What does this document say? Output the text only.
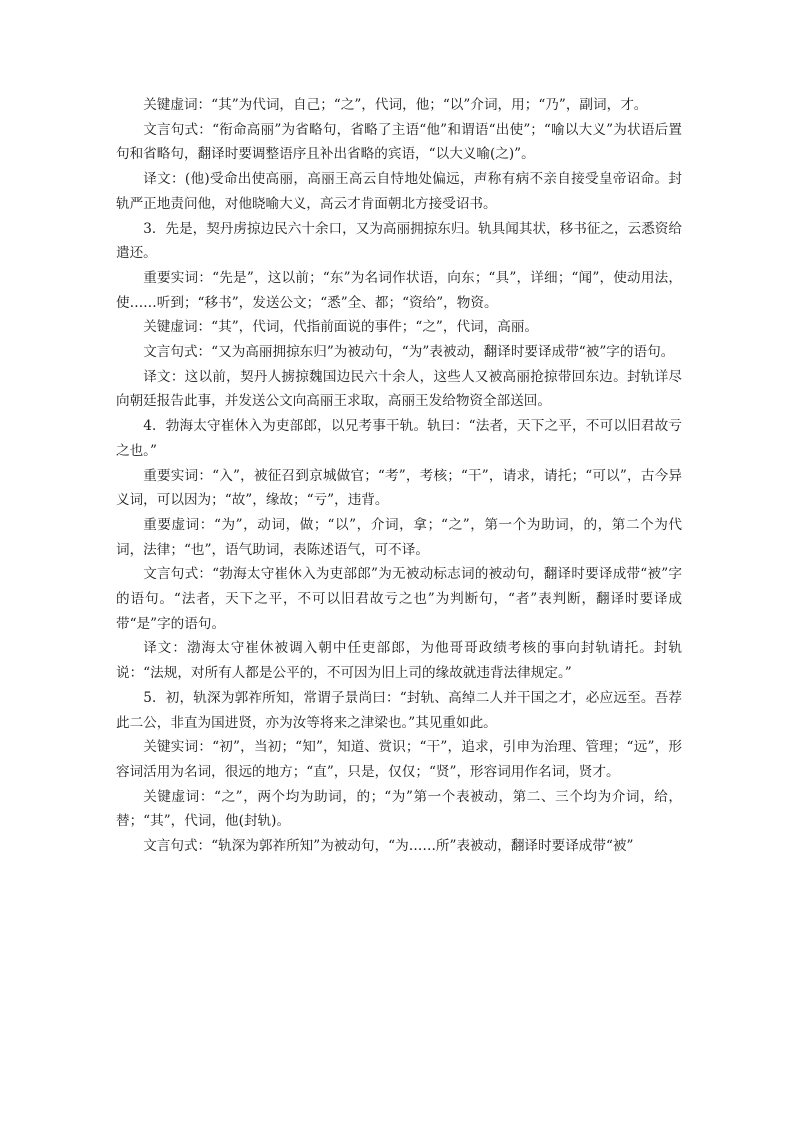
关键虚词：“其”为代词，自己；“之”，代词，他；“以”介词，用；“乃”，副词，才。

文言句式：“衔命高丽”为省略句，省略了主语“他”和谓语“出使”；“喻以大义”为状语后置句和省略句，翻译时要调整语序且补出省略的宾语，“以大义喻(之)”。

译文：(他)受命出使高丽，高丽王高云自恃地处偏远，声称有病不亲自接受皇帝诏命。封轨严正地责问他，对他晓喻大义，高云才肯面朝北方接受诏书。

3．先是，契丹虏掠边民六十余口，又为高丽拥掠东归。轨具闻其状，移书征之，云悉资给遣还。

重要实词：“先是”，这以前；“东”为名词作状语，向东；“具”，详细；“闻”，使动用法，使……听到；“移书”，发送公文；“悉”全、都；“资给”，物资。

关键虚词：“其”，代词，代指前面说的事件；“之”，代词，高丽。

文言句式：“又为高丽拥掠东归”为被动句，“为”表被动，翻译时要译成带“被”字的语句。

译文：这以前，契丹人掳掠魏国边民六十余人，这些人又被高丽抢掠带回东边。封轨详尽向朝廷报告此事，并发送公文向高丽王求取，高丽王发给物资全部送回。

4．勃海太守崔休入为吏部郎，以兄考事干轨。轨曰：“法者，天下之平，不可以旧君故亏之也。”

重要实词：“入”，被征召到京城做官；“考”，考核；“干”，请求，请托；“可以”，古今异义词，可以因为；“故”，缘故；“亏”，违背。

重要虚词：“为”，动词，做；“以”，介词，拿；“之”，第一个为助词，的，第二个为代词，法律；“也”，语气助词，表陈述语气，可不译。

文言句式：“勃海太守崔休入为吏部郎”为无被动标志词的被动句，翻译时要译成带“被”字的语句。“法者，天下之平，不可以旧君故亏之也”为判断句，“者”表判断，翻译时要译成带“是”字的语句。

译文：渤海太守崔休被调入朝中任吏部郎，为他哥哥政绩考核的事向封轨请托。封轨说：“法规，对所有人都是公平的，不可因为旧上司的缘故就违背法律规定。”

5．初，轨深为郭祚所知，常谓子景尚曰：“封轨、高绰二人并干国之才，必应远至。吾荐此二公，非直为国进贤，亦为汝等将来之津梁也。”其见重如此。

关键实词：“初”，当初；“知”，知道、赏识；“干”，追求，引申为治理、管理；“远”，形容词活用为名词，很远的地方；“直”，只是，仅仅；“贤”，形容词用作名词，贤才。

关键虚词：“之”，两个均为助词，的；“为”第一个表被动，第二、三个均为介词，给，替；“其”，代词，他(封轨)。

文言句式：“轨深为郭祚所知”为被动句，“为……所”表被动，翻译时要译成带“被”
